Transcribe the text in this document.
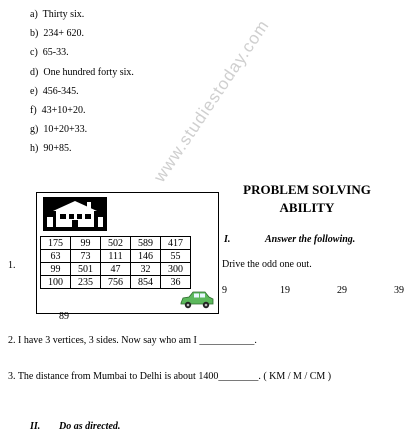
www.studiestoday.com
a) Thirty six.
b) 234+ 620.
c) 65-33.
d) One hundred forty six.
e) 456-345.
f) 43+10+20.
g) 10+20+33.
h) 90+85.
PROBLEM SOLVING
ABILITY
1.
175	99	502	589	417
63	73	111	146	55
99	501	47	32	300
100	235	756	854	36
89
I.	Answer the following.
Drive the odd one out.
9	19	29	39
2. I have 3 vertices, 3 sides. Now say who am I ___________.
3. The distance from Mumbai to Delhi is about 1400________. ( KM / M / CM )
II. Do as directed.
